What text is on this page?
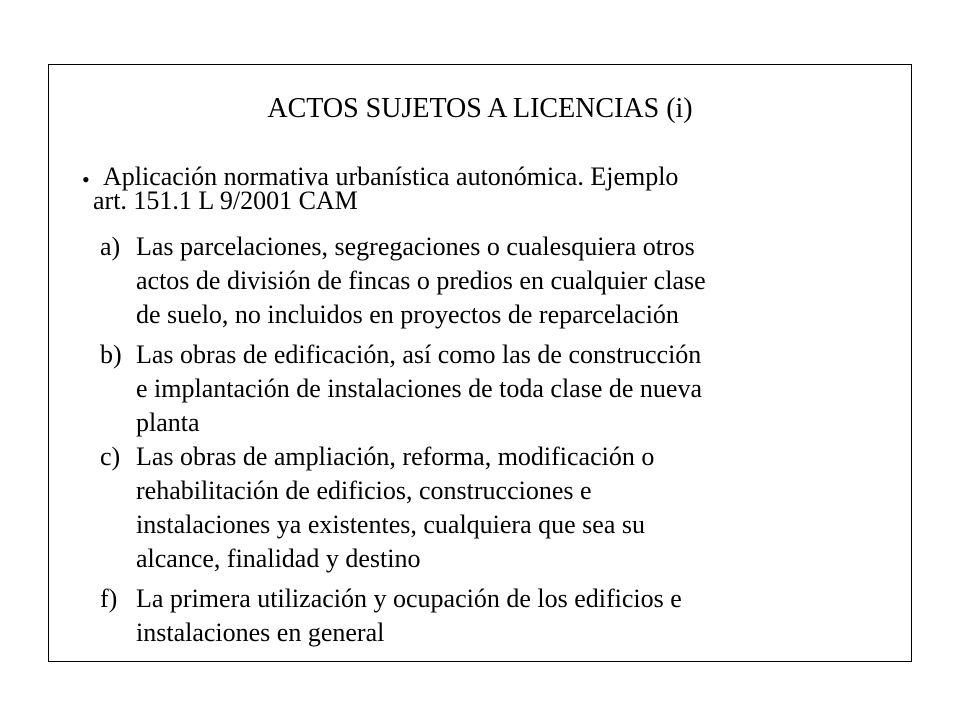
ACTOS SUJETOS A LICENCIAS (i)
• Aplicación normativa urbanística autonómica. Ejemplo
art. 151.1 L 9/2001 CAM
a) Las parcelaciones, segregaciones o cualesquiera otros
actos de división de fincas o predios en cualquier clase
de suelo, no incluidos en proyectos de reparcelación
b) Las obras de edificación, así como las de construcción
e implantación de instalaciones de toda clase de nueva
planta
c) Las obras de ampliación, reforma, modificación o
rehabilitación de edificios, construcciones e
instalaciones ya existentes, cualquiera que sea su
alcance, finalidad y destino
f) La primera utilización y ocupación de los edificios e
instalaciones en general
